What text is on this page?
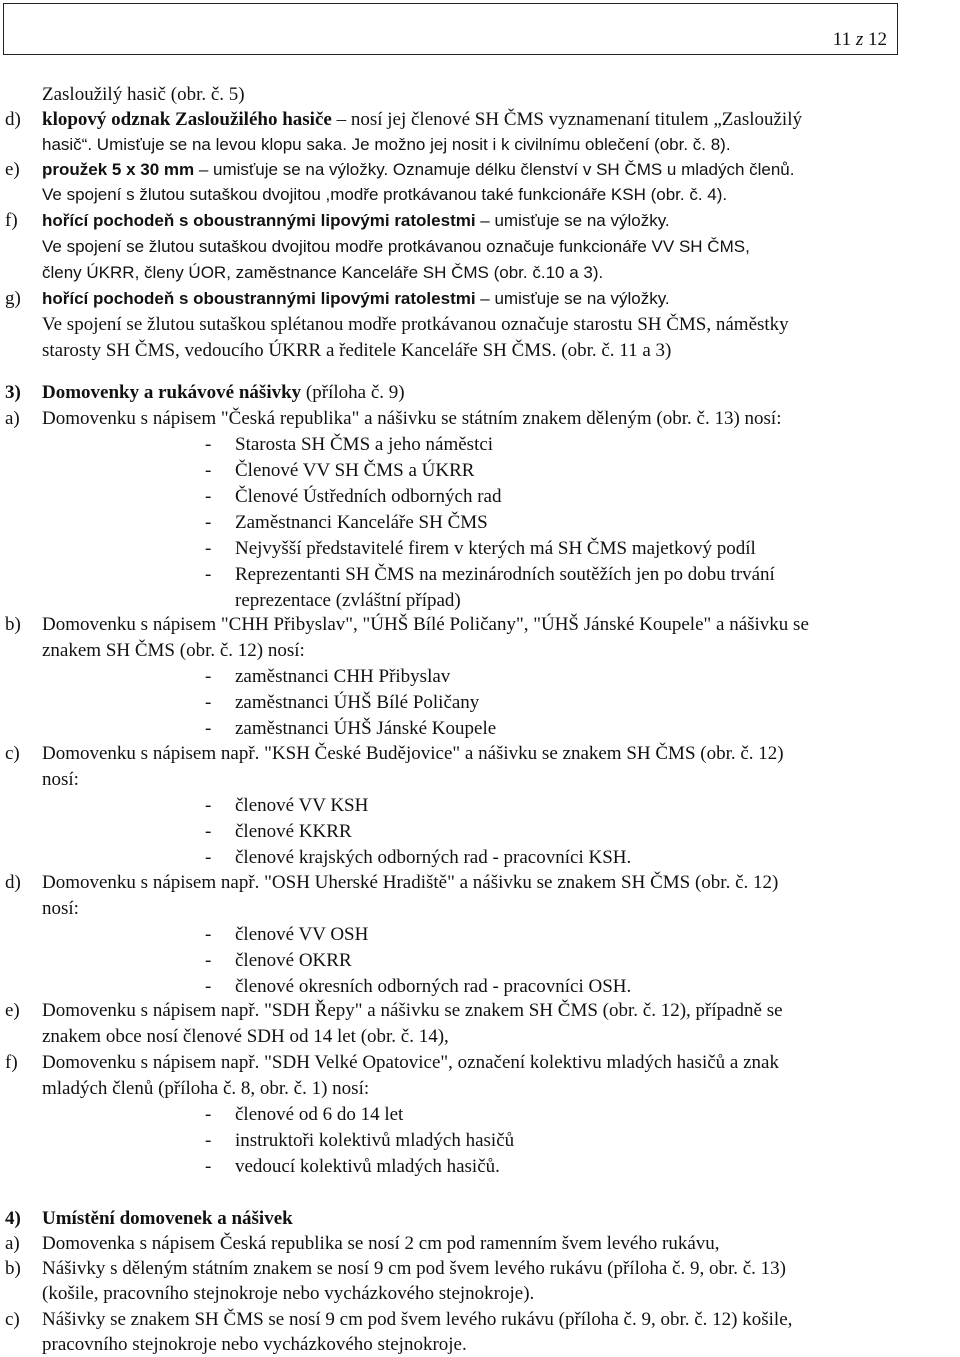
11 z 12
Zasloužilý hasič (obr. č. 5)
d) klopový odznak Zasloužilého hasiče – nosí jej členové SH ČMS vyznamenaní titulem „Zasloužilý
hasič“. Umisťuje se na levou klopu saka. Je možno jej nosit i k civilnímu oblečení (obr. č. 8).
e) proužek 5 x 30 mm – umisťuje se na výložky. Oznamuje délku členství v SH ČMS u mladých členů.
Ve spojení s žlutou sutaškou dvojitou ,modře protkávanou také funkcionáře KSH (obr. č. 4).
f) hořící pochodeň s oboustrannými lipovými ratolestmi – umisťuje se na výložky.
Ve spojení se žlutou sutaškou dvojitou modře protkávanou označuje funkcionáře VV SH ČMS,
členy ÚKRR, členy ÚOR, zaměstnance Kanceláře SH ČMS (obr. č.10 a 3).
g) hořící pochodeň s oboustrannými lipovými ratolestmi – umisťuje se na výložky.
Ve spojení se žlutou sutaškou splétanou modře protkávanou označuje starostu SH ČMS, náměstky
starosty SH ČMS, vedoucího ÚKRR a ředitele Kanceláře SH ČMS. (obr. č. 11 a 3)
3) Domovenky a rukávové nášivky (příloha č. 9)
a) Domovenku s nápisem "Česká republika" a nášivku se státním znakem děleným (obr. č. 13) nosí:
- Starosta SH ČMS a jeho náměstci
- Členové VV SH ČMS a ÚKRR
- Členové Ústředních odborných rad
- Zaměstnanci Kanceláře SH ČMS
- Nejvyšší představitelé firem v kterých má SH ČMS majetkový podíl
- Reprezentanti SH ČMS na mezinárodních soutěžích jen po dobu trvání
reprezentace (zvláštní případ)
b) Domovenku s nápisem "CHH Přibyslav", "ÚHŠ Bílé Poličany", "ÚHŠ Jánské Koupele" a nášivku se
znakem SH ČMS (obr. č. 12) nosí:
- zaměstnanci CHH Přibyslav
- zaměstnanci ÚHŠ Bílé Poličany
- zaměstnanci ÚHŠ Jánské Koupele
c) Domovenku s nápisem např. "KSH České Budějovice" a nášivku se znakem SH ČMS (obr. č. 12)
nosí:
- členové VV KSH
- členové KKRR
- členové krajských odborných rad - pracovníci KSH.
d) Domovenku s nápisem např. "OSH Uherské Hradiště" a nášivku se znakem SH ČMS (obr. č. 12)
nosí:
- členové VV OSH
- členové OKRR
- členové okresních odborných rad - pracovníci OSH.
e) Domovenku s nápisem např. "SDH Řepy" a nášivku se znakem SH ČMS (obr. č. 12), případně se
znakem obce nosí členové SDH od 14 let (obr. č. 14),
f) Domovenku s nápisem např. "SDH Velké Opatovice", označení kolektivu mladých hasičů a znak
mladých členů (příloha č. 8, obr. č. 1) nosí:
- členové od 6 do 14 let
- instruktoři kolektivů mladých hasičů
- vedoucí kolektivů mladých hasičů.
4) Umístění domovenek a nášivek
a) Domovenka s nápisem Česká republika se nosí 2 cm pod ramenním švem levého rukávu,
b) Nášivky s děleným státním znakem se nosí 9 cm pod švem levého rukávu (příloha č. 9, obr. č. 13)
(košile, pracovního stejnokroje nebo vycházkového stejnokroje).
c) Nášivky se znakem SH ČMS se nosí 9 cm pod švem levého rukávu (příloha č. 9, obr. č. 12) košile,
pracovního stejnokroje nebo vycházkového stejnokroje.
